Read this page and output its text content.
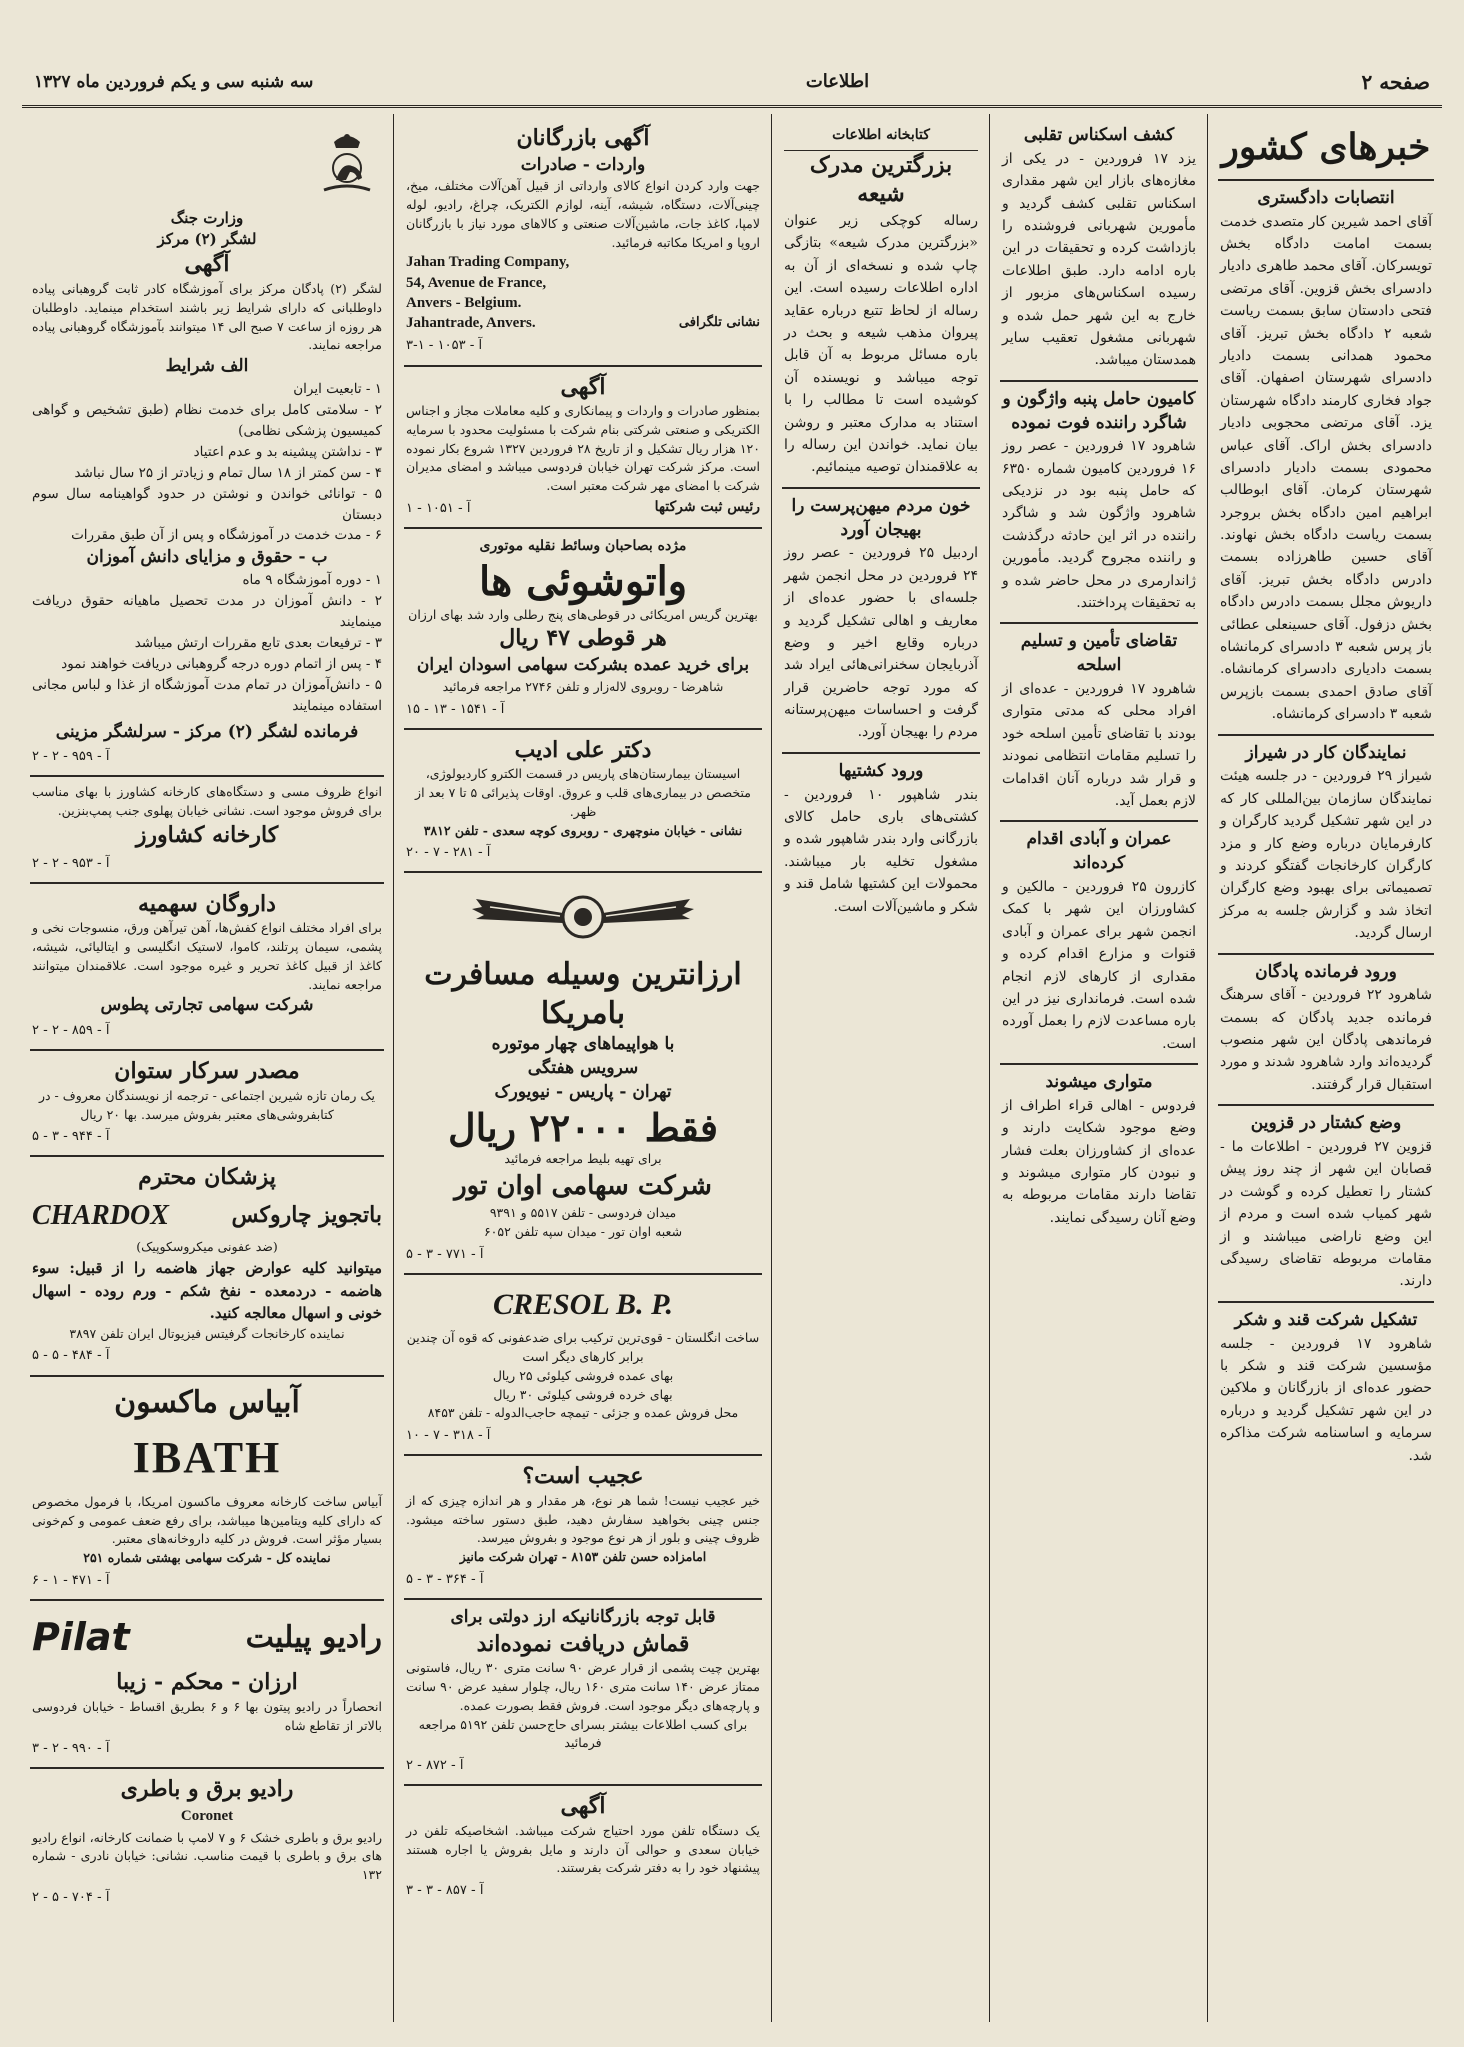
صفحه ۲
اطلاعات
سه شنبه سی و یکم فروردین ماه ۱۳۲۷
خبرهای کشور
انتصابات دادگستری
آقای احمد شیرین کار متصدی خدمت بسمت امامت دادگاه بخش تویسرکان. آقای محمد طاهری دادیار دادسرای بخش قزوین. آقای مرتضی فتحی دادستان سابق بسمت ریاست شعبه ۲ دادگاه بخش تبریز. آقای محمود همدانی بسمت دادیار دادسرای شهرستان اصفهان. آقای جواد فخاری کارمند دادگاه شهرستان یزد. آقای مرتضی محجوبی دادیار دادسرای بخش اراک. آقای عباس محمودی بسمت دادیار دادسرای شهرستان کرمان. آقای ابوطالب ابراهیم امین دادگاه بخش بروجرد بسمت ریاست دادگاه بخش نهاوند. آقای حسین طاهرزاده بسمت دادرس دادگاه بخش تبریز. آقای داریوش مجلل بسمت دادرس دادگاه بخش دزفول. آقای حسینعلی عطائی باز پرس شعبه ۳ دادسرای کرمانشاه بسمت دادیاری دادسرای کرمانشاه. آقای صادق احمدی بسمت بازپرس شعبه ۳ دادسرای کرمانشاه.
نمایندگان کار در شیراز
شیراز ۲۹ فروردین - در جلسه هیئت نمایندگان سازمان بین‌المللی کار که در این شهر تشکیل گردید کارگران و کارفرمایان درباره وضع کار و مزد کارگران کارخانجات گفتگو کردند و تصمیماتی برای بهبود وضع کارگران اتخاذ شد و گزارش جلسه به مرکز ارسال گردید.
ورود فرمانده پادگان
شاهرود ۲۲ فروردین - آقای سرهنگ فرمانده جدید پادگان که بسمت فرماندهی پادگان این شهر منصوب گردیده‌اند وارد شاهرود شدند و مورد استقبال قرار گرفتند.
وضع کشتار در قزوین
قزوین ۲۷ فروردین - اطلاعات ما - قصابان این شهر از چند روز پیش کشتار را تعطیل کرده و گوشت در شهر کمیاب شده است و مردم از این وضع ناراضی میباشند و از مقامات مربوطه تقاضای رسیدگی دارند.
تشکیل شرکت قند و شکر
شاهرود ۱۷ فروردین - جلسه مؤسسین شرکت قند و شکر با حضور عده‌ای از بازرگانان و ملاکین در این شهر تشکیل گردید و درباره سرمایه و اساسنامه شرکت مذاکره شد.
کشف اسکناس تقلبی
یزد ۱۷ فروردین - در یکی از مغازه‌های بازار این شهر مقداری اسکناس تقلبی کشف گردید و مأمورین شهربانی فروشنده را بازداشت کرده و تحقیقات در این باره ادامه دارد. طبق اطلاعات رسیده اسکناس‌های مزبور از خارج به این شهر حمل شده و شهربانی مشغول تعقیب سایر همدستان میباشد.
کامیون حامل پنبه واژگون و شاگرد راننده فوت نموده
شاهرود ۱۷ فروردین - عصر روز ۱۶ فروردین کامیون شماره ۶۳۵۰ که حامل پنبه بود در نزدیکی شاهرود واژگون شد و شاگرد راننده در اثر این حادثه درگذشت و راننده مجروح گردید. مأمورین ژاندارمری در محل حاضر شده و به تحقیقات پرداختند.
تقاضای تأمین و تسلیم اسلحه
شاهرود ۱۷ فروردین - عده‌ای از افراد محلی که مدتی متواری بودند با تقاضای تأمین اسلحه خود را تسلیم مقامات انتظامی نمودند و قرار شد درباره آنان اقدامات لازم بعمل آید.
عمران و آبادی اقدام کرده‌اند
کازرون ۲۵ فروردین - مالکین و کشاورزان این شهر با کمک انجمن شهر برای عمران و آبادی قنوات و مزارع اقدام کرده و مقداری از کارهای لازم انجام شده است. فرمانداری نیز در این باره مساعدت لازم را بعمل آورده است.
متواری میشوند
فردوس - اهالی قراء اطراف از وضع موجود شکایت دارند و عده‌ای از کشاورزان بعلت فشار و نبودن کار متواری میشوند و تقاضا دارند مقامات مربوطه به وضع آنان رسیدگی نمایند.
کتابخانه اطلاعات
بزرگترین مدرک شیعه
رساله کوچکی زیر عنوان «بزرگترین مدرک شیعه» بتازگی چاپ شده و نسخه‌ای از آن به اداره اطلاعات رسیده است. این رساله از لحاظ تتبع درباره عقاید پیروان مذهب شیعه و بحث در باره مسائل مربوط به آن قابل توجه میباشد و نویسنده آن کوشیده است تا مطالب را با استناد به مدارک معتبر و روشن بیان نماید. خواندن این رساله را به علاقمندان توصیه مینمائیم.
خون مردم میهن‌پرست را بهیجان آورد
اردبیل ۲۵ فروردین - عصر روز ۲۴ فروردین در محل انجمن شهر جلسه‌ای با حضور عده‌ای از معاریف و اهالی تشکیل گردید و درباره وقایع اخیر و وضع آذربایجان سخنرانی‌هائی ایراد شد که مورد توجه حاضرین قرار گرفت و احساسات میهن‌پرستانه مردم را بهیجان آورد.
ورود کشتیها
بندر شاهپور ۱۰ فروردین - کشتی‌های باری حامل کالای بازرگانی وارد بندر شاهپور شده و مشغول تخلیه بار میباشند. محمولات این کشتیها شامل قند و شکر و ماشین‌آلات است.
آگهی بازرگانان
واردات - صادرات
جهت وارد کردن انواع کالای وارداتی از قبیل آهن‌آلات مختلف، میخ، چینی‌آلات، دستگاه، شیشه، آینه، لوازم الکتریک، چراغ، رادیو، لوله لامپا، کاغذ جات، ماشین‌آلات صنعتی و کالاهای مورد نیاز با بازرگانان اروپا و امریکا مکاتبه فرمائید.
نشانی تلگرافی
Jahan Trading Company,
54, Avenue de France,
Anvers - Belgium.
Jahantrade, Anvers.
آ - ۱۰۵۳ - ۱-۳
آگهی
بمنظور صادرات و واردات و پیمانکاری و کلیه معاملات مجاز و اجناس الکتریکی و صنعتی شرکتی بنام شرکت با مسئولیت محدود با سرمایه ۱۲۰ هزار ریال تشکیل و از تاریخ ۲۸ فروردین ۱۳۲۷ شروع بکار نموده است. مرکز شرکت تهران خیابان فردوسی میباشد و امضای مدیران شرکت با امضای مهر شرکت معتبر است.
رئیس ثبت شرکتها
آ - ۱۰۵۱ - ۱
مژده بصاحبان وسائط نقلیه موتوری
واتوشوئی ها
بهترین گریس امریکائی در قوطی‌های پنج رطلی وارد شد بهای ارزان
هر قوطی ۴۷ ریال
برای خرید عمده بشرکت سهامی اسودان ایران
شاهرضا - روبروی لاله‌زار و تلفن ۲۷۴۶ مراجعه فرمائید
آ - ۱۵۴۱ - ۱۳ - ۱۵
دکتر علی ادیب
اسیستان بیمارستان‌های پاریس در قسمت الکترو کاردیولوژی، متخصص در بیماری‌های قلب و عروق. اوقات پذیرائی ۵ تا ۷ بعد از ظهر.
نشانی - خیابان منوچهری - روبروی کوچه سعدی - تلفن ۳۸۱۲
آ - ۲۸۱ - ۷ - ۲۰
ارزانترین وسیله مسافرت بامریکا
با هواپیماهای چهار موتوره
سرویس هفتگی
تهران - پاریس - نیویورک
فقط ۲۲۰۰۰ ریال
برای تهیه بلیط مراجعه فرمائید
شرکت سهامی اوان تور
میدان فردوسی - تلفن ۵۵۱۷ و ۹۳۹۱
شعبه اوان تور - میدان سپه تلفن ۶۰۵۲
آ - ۷۷۱ - ۳ - ۵
CRESOL B. P.
ساخت انگلستان - قوی‌ترین ترکیب برای ضدعفونی که قوه آن چندین برابر کارهای دیگر است
بهای عمده فروشی کیلوئی ۲۵ ریال
بهای خرده فروشی کیلوئی ۳۰ ریال
محل فروش عمده و جزئی - تیمچه حاجب‌الدوله - تلفن ۸۴۵۳
آ - ۳۱۸ - ۷ - ۱۰
عجیب است؟
خیر عجیب نیست! شما هر نوع، هر مقدار و هر اندازه چیزی که از جنس چینی بخواهید سفارش دهید، طبق دستور ساخته میشود. ظروف چینی و بلور از هر نوع موجود و بفروش میرسد.
امامزاده حسن تلفن ۸۱۵۳ - تهران شرکت مانیز
آ - ۳۶۴ - ۳ - ۵
قابل توجه بازرگانانیکه ارز دولتی برای
قماش دریافت نموده‌اند
بهترین چیت پشمی از قرار عرض ۹۰ سانت متری ۳۰ ریال، فاستونی ممتاز عرض ۱۴۰ سانت متری ۱۶۰ ریال، چلوار سفید عرض ۹۰ سانت و پارچه‌های دیگر موجود است. فروش فقط بصورت عمده.
برای کسب اطلاعات بیشتر بسرای حاج‌حسن تلفن ۵۱۹۲ مراجعه فرمائید
آ - ۸۷۲ - ۲
آگهی
یک دستگاه تلفن مورد احتیاج شرکت میباشد. اشخاصیکه تلفن در خیابان سعدی و حوالی آن دارند و مایل بفروش یا اجاره هستند پیشنهاد خود را به دفتر شرکت بفرستند.
آ - ۸۵۷ - ۳ - ۳
وزارت جنگ
لشگر (۲) مرکز
آگهی
لشگر (۲) پادگان مرکز برای آموزشگاه کادر ثابت گروهبانی پیاده داوطلبانی که دارای شرایط زیر باشند استخدام مینماید. داوطلبان هر روزه از ساعت ۷ صبح الی ۱۴ میتوانند بآموزشگاه گروهبانی پیاده مراجعه نمایند.
الف شرایط
۱ - تابعیت ایران
۲ - سلامتی کامل برای خدمت نظام (طبق تشخیص و گواهی کمیسیون پزشکی نظامی)
۳ - نداشتن پیشینه بد و عدم اعتیاد
۴ - سن کمتر از ۱۸ سال تمام و زیادتر از ۲۵ سال نباشد
۵ - توانائی خواندن و نوشتن در حدود گواهینامه سال سوم دبستان
۶ - مدت خدمت در آموزشگاه و پس از آن طبق مقررات
ب - حقوق و مزایای دانش آموزان
۱ - دوره آموزشگاه ۹ ماه
۲ - دانش آموزان در مدت تحصیل ماهیانه حقوق دریافت مینمایند
۳ - ترفیعات بعدی تابع مقررات ارتش میباشد
۴ - پس از اتمام دوره درجه گروهبانی دریافت خواهند نمود
۵ - دانش‌آموزان در تمام مدت آموزشگاه از غذا و لباس مجانی استفاده مینمایند
فرمانده لشگر (۲) مرکز - سرلشگر مزینی
آ - ۹۵۹ - ۲ - ۲
انواع ظروف مسی و دستگاه‌های کارخانه کشاورز با بهای مناسب برای فروش موجود است. نشانی خیابان پهلوی جنب پمپ‌بنزین.
کارخانه کشاورز
آ - ۹۵۳ - ۲ - ۲
داروگان سهمیه
برای افراد مختلف انواع کفش‌ها، آهن تیرآهن ورق، منسوجات نخی و پشمی، سیمان پرتلند، کاموا، لاستیک انگلیسی و ایتالیائی، شیشه، کاغذ از قبیل کاغذ تحریر و غیره موجود است. علاقمندان میتوانند مراجعه نمایند.
شرکت سهامی تجارتی پطوس
آ - ۸۵۹ - ۲ - ۲
مصدر سرکار ستوان
یک رمان تازه شیرین اجتماعی - ترجمه از نویسندگان معروف - در کتابفروشی‌های معتبر بفروش میرسد. بها ۲۰ ریال
آ - ۹۴۴ - ۳ - ۵
پزشکان محترم
باتجویز چاروکس
CHARDOX
(ضد عفونی میکروسکوپیک)
میتوانید کلیه عوارض جهاز هاضمه را از قبیل: سوء هاضمه - دردمعده - نفخ شکم - ورم روده - اسهال خونی و اسهال معالجه کنید.
نماینده کارخانجات گرفیتس فیزیوتال ایران تلفن ۳۸۹۷
آ - ۴۸۴ - ۵ - ۵
آبیاس ماکسون
IBATH
آبیاس ساخت کارخانه معروف ماکسون امریکا، با فرمول مخصوص که دارای کلیه ویتامین‌ها میباشد، برای رفع ضعف عمومی و کم‌خونی بسیار مؤثر است. فروش در کلیه داروخانه‌های معتبر.
نماینده کل - شرکت سهامی بهشتی شماره ۲۵۱
آ - ۴۷۱ - ۱ - ۶
رادیو پیلیت
Pilat
ارزان - محکم - زیبا
انحصاراً در رادیو پیتون بها ۶ و ۶ بطریق اقساط - خیابان فردوسی بالاتر از تقاطع شاه
آ - ۹۹۰ - ۲ - ۳
رادیو برق و باطری
Coronet
رادیو برق و باطری خشک ۶ و ۷ لامپ با ضمانت کارخانه، انواع رادیو های برق و باطری با قیمت مناسب. نشانی: خیابان نادری - شماره ۱۳۲
آ - ۷۰۴ - ۵ - ۲
